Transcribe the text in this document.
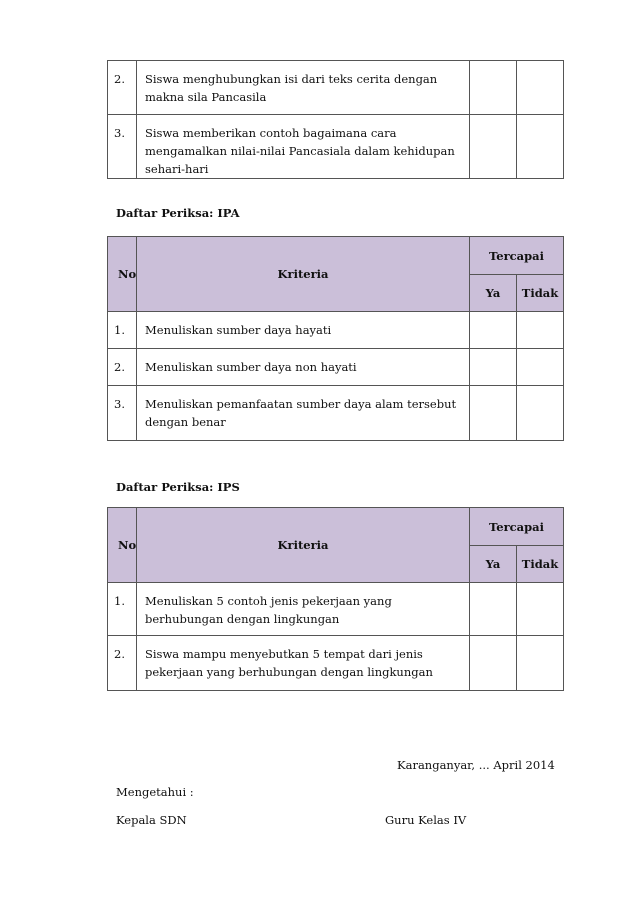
2.	Siswa menghubungkan isi dari teks cerita dengan makna sila Pancasila		
3.	Siswa memberikan contoh bagaimana cara mengamalkan nilai-nilai Pancasiala dalam kehidupan sehari-hari		

Daftar Periksa: IPA

No	Kriteria	Tercapai	
		Ya	Tidak
1.	Menuliskan sumber daya hayati		
2.	Menuliskan sumber daya non hayati		
3.	Menuliskan pemanfaatan sumber daya alam tersebut dengan benar		

Daftar Periksa: IPS

No	Kriteria	Tercapai	
		Ya	Tidak
1.	Menuliskan 5 contoh jenis pekerjaan yang berhubungan dengan lingkungan		
2.	Siswa mampu menyebutkan 5 tempat dari jenis pekerjaan yang berhubungan dengan lingkungan		

Karanganyar, ... April 2014

Mengetahui :

Kepala SDN	Guru Kelas IV
